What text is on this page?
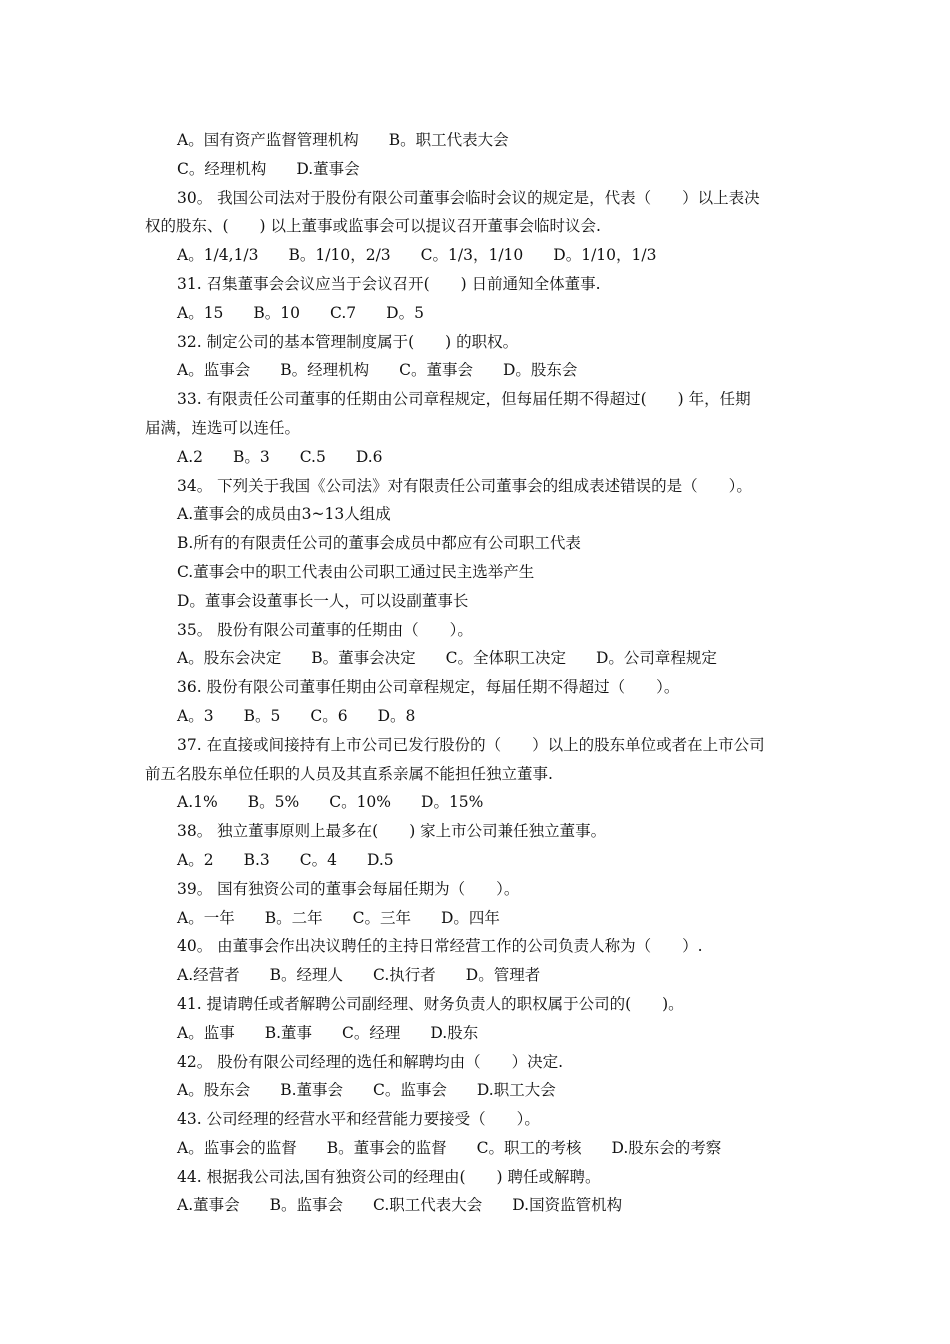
A。国有资产监督管理机构 B。职工代表大会
C。经理机构 D.董事会
30。 我国公司法对于股份有限公司董事会临时会议的规定是，代表（　　）以上表决
权的股东、(　　) 以上董事或监事会可以提议召开董事会临时议会.
A。1/4,1/3 B。1/10，2/3 C。1/3，1/10 D。1/10，1/3
31. 召集董事会会议应当于会议召开(　　) 日前通知全体董事.
A。15 B。10 C.7 D。5
32. 制定公司的基本管理制度属于(　　) 的职权。
A。监事会 B。经理机构 C。董事会 D。股东会
33. 有限责任公司董事的任期由公司章程规定，但每届任期不得超过(　　) 年，任期
届满，连选可以连任。
A.2 B。3 C.5 D.6
34。 下列关于我国《公司法》对有限责任公司董事会的组成表述错误的是（　　）。
A.董事会的成员由3~13人组成
B.所有的有限责任公司的董事会成员中都应有公司职工代表
C.董事会中的职工代表由公司职工通过民主选举产生
D。董事会设董事长一人，可以设副董事长
35。 股份有限公司董事的任期由（　　）。
A。股东会决定 B。董事会决定 C。全体职工决定 D。公司章程规定
36. 股份有限公司董事任期由公司章程规定，每届任期不得超过（　　）。
A。3 B。5 C。6 D。8
37. 在直接或间接持有上市公司已发行股份的（　　）以上的股东单位或者在上市公司
前五名股东单位任职的人员及其直系亲属不能担任独立董事.
A.1% B。5% C。10% D。15%
38。 独立董事原则上最多在(　　) 家上市公司兼任独立董事。
A。2 B.3 C。4 D.5
39。 国有独资公司的董事会每届任期为（　　）。
A。一年 B。二年 C。三年 D。四年
40。 由董事会作出决议聘任的主持日常经营工作的公司负责人称为（　　）.
A.经营者 B。经理人 C.执行者 D。管理者
41. 提请聘任或者解聘公司副经理、财务负责人的职权属于公司的(　　)。
A。监事 B.董事 C。经理 D.股东
42。 股份有限公司经理的选任和解聘均由（　　）决定.
A。股东会 B.董事会 C。监事会 D.职工大会
43. 公司经理的经营水平和经营能力要接受（　　）。
A。监事会的监督 B。董事会的监督 C。职工的考核 D.股东会的考察
44. 根据我公司法,国有独资公司的经理由(　　) 聘任或解聘。
A.董事会 B。监事会 C.职工代表大会 D.国资监管机构
